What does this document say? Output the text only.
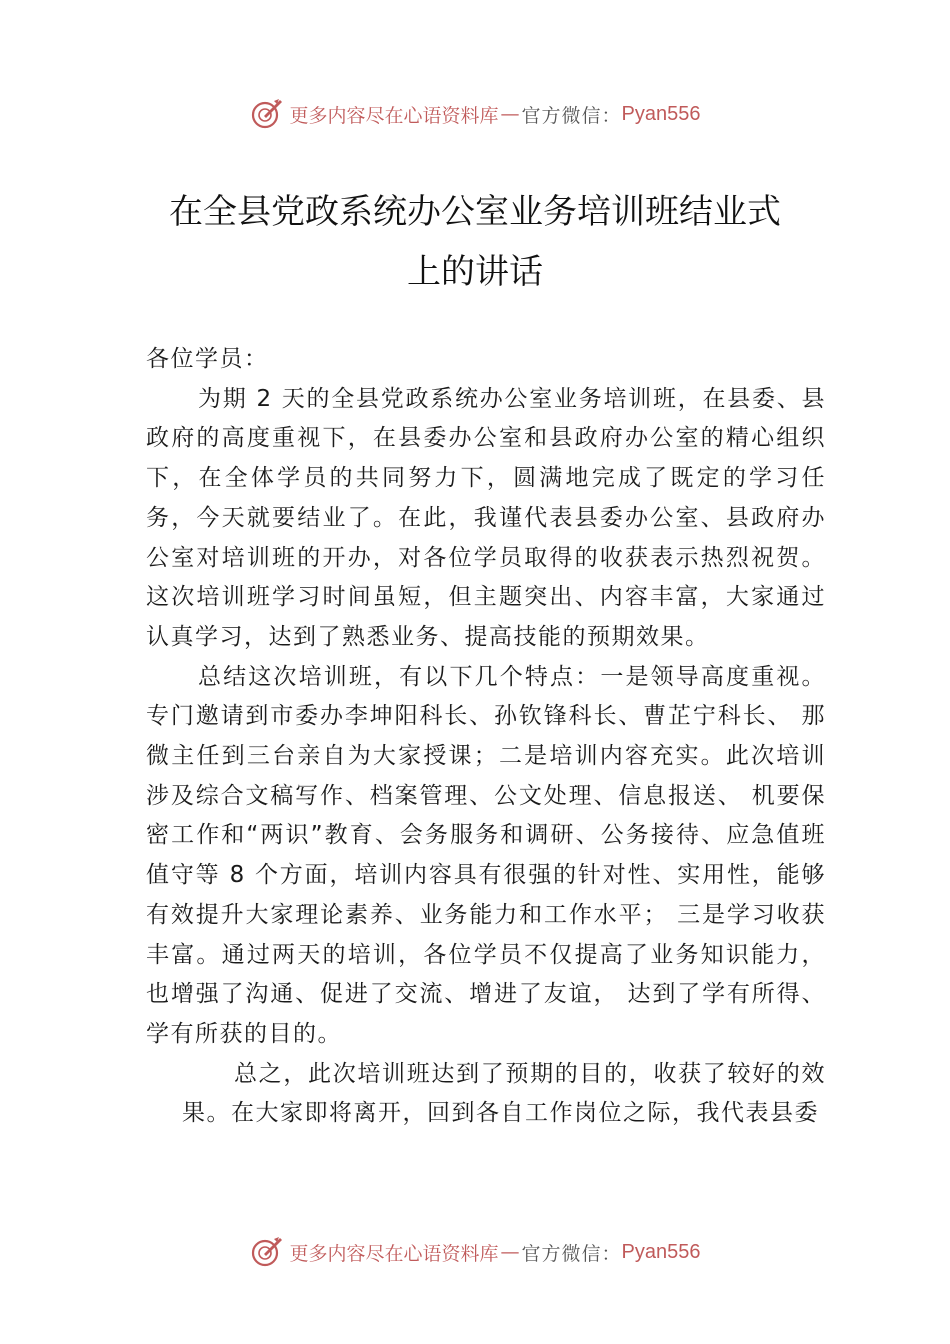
更多内容尽在心语资料库 — 官方微信： Pyan556
在全县党政系统办公室业务培训班结业式
上的讲话

各位学员：

为期 2 天的全县党政系统办公室业务培训班，在县委、县政府的高度重视下，在县委办公室和县政府办公室的精心组织下，在全体学员的共同努力下，圆满地完成了既定的学习任务，今天就要结业了。在此，我谨代表县委办公室、县政府办公室对培训班的开办，对各位学员取得的收获表示热烈祝贺。这次培训班学习时间虽短，但主题突出、内容丰富，大家通过认真学习，达到了熟悉业务、提高技能的预期效果。

总结这次培训班，有以下几个特点：一是领导高度重视。专门邀请到市委办李坤阳科长、孙钦锋科长、曹芷宁科长、 那微主任到三台亲自为大家授课；二是培训内容充实。此次培训涉及综合文稿写作、档案管理、公文处理、信息报送、 机要保密工作和“两识”教育、会务服务和调研、公务接待、应急值班值守等 8 个方面，培训内容具有很强的针对性、实用性，能够有效提升大家理论素养、业务能力和工作水平； 三是学习收获丰富。通过两天的培训，各位学员不仅提高了业务知识能力，也增强了沟通、促进了交流、增进了友谊， 达到了学有所得、学有所获的目的。

总之，此次培训班达到了预期的目的，收获了较好的效果。在大家即将离开，回到各自工作岗位之际，我代表县委

更多内容尽在心语资料库 — 官方微信： Pyan556
